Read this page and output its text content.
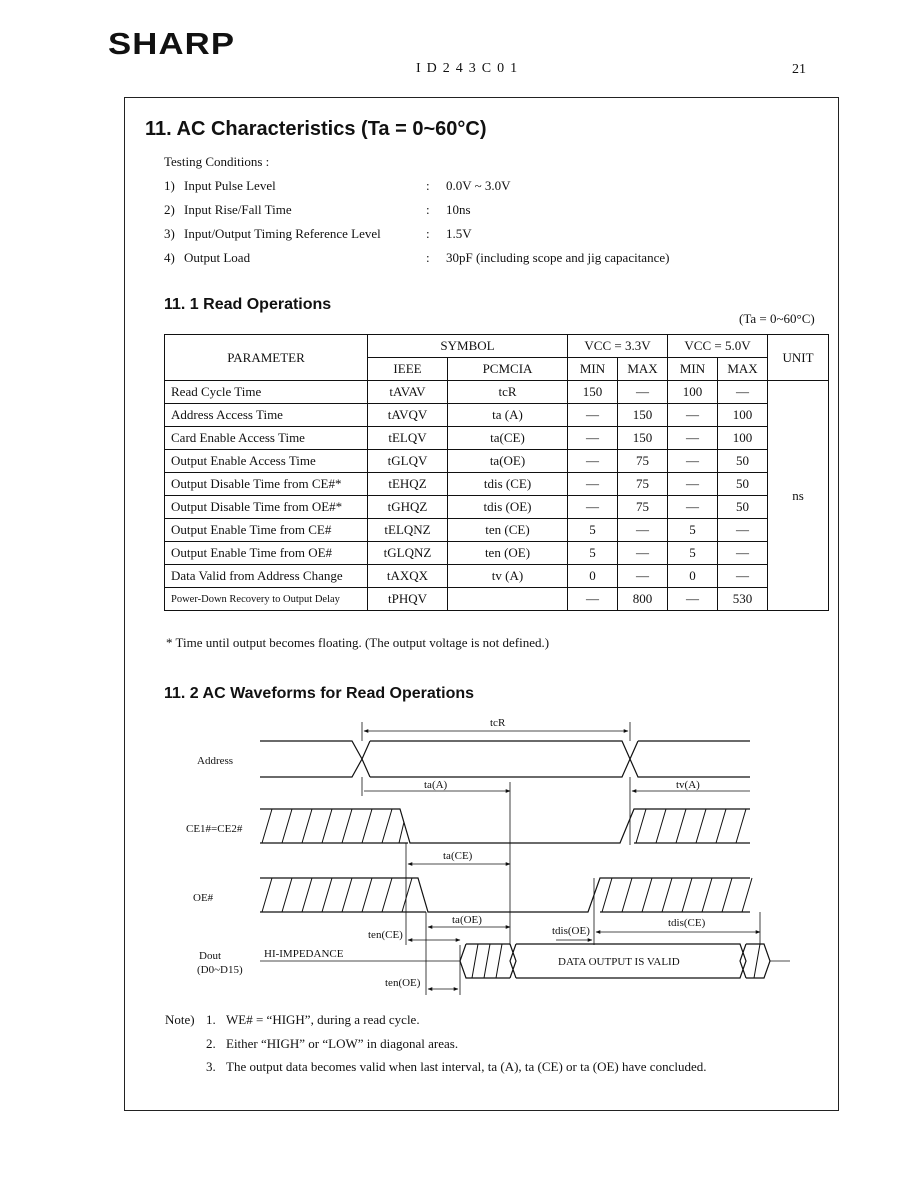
SHARP
ID243C01	21
11. AC Characteristics (Ta = 0~60°C)
Testing Conditions :
1) Input Pulse Level	: 0.0V ~ 3.0V
2) Input Rise/Fall Time	: 10ns
3) Input/Output Timing Reference Level	: 1.5V
4) Output Load	: 30pF (including scope and jig capacitance)
11. 1 Read Operations
(Ta = 0~60°C)
PARAMETER	SYMBOL		VCC = 3.3V		VCC = 5.0V		UNIT
	IEEE	PCMCIA	MIN	MAX	MIN	MAX	
Read Cycle Time	tAVAV	tcR	150	—	100	—	ns
Address Access Time	tAVQV	ta (A)	—	150	—	100	
Card Enable Access Time	tELQV	ta(CE)	—	150	—	100	
Output Enable Access Time	tGLQV	ta(OE)	—	75	—	50	
Output Disable Time from CE#*	tEHQZ	tdis (CE)	—	75	—	50	
Output Disable Time from OE#*	tGHQZ	tdis (OE)	—	75	—	50	
Output Enable Time from CE#	tELQNZ	ten (CE)	5	—	5	—	
Output Enable Time from OE#	tGLQNZ	ten (OE)	5	—	5	—	
Data Valid from Address Change	tAXQX	tv (A)	0	—	0	—	
Power-Down Recovery to Output Delay	tPHQV		—	800	—	530	
* Time until output becomes floating. (The output voltage is not defined.)
11. 2 AC Waveforms for Read Operations
Address
CE1#=CE2#
OE#
Dout
(D0~D15)
tcR
ta(A)	tv(A)
ta(CE)
ta(OE)
ten(CE)	tdis(OE)
tdis(CE)
ten(OE)
HI-IMPEDANCE
DATA OUTPUT IS VALID
Note) 1. WE# = “HIGH”, during a read cycle.
2. Either “HIGH” or “LOW” in diagonal areas.
3. The output data becomes valid when last interval, ta (A), ta (CE) or ta (OE) have concluded.
